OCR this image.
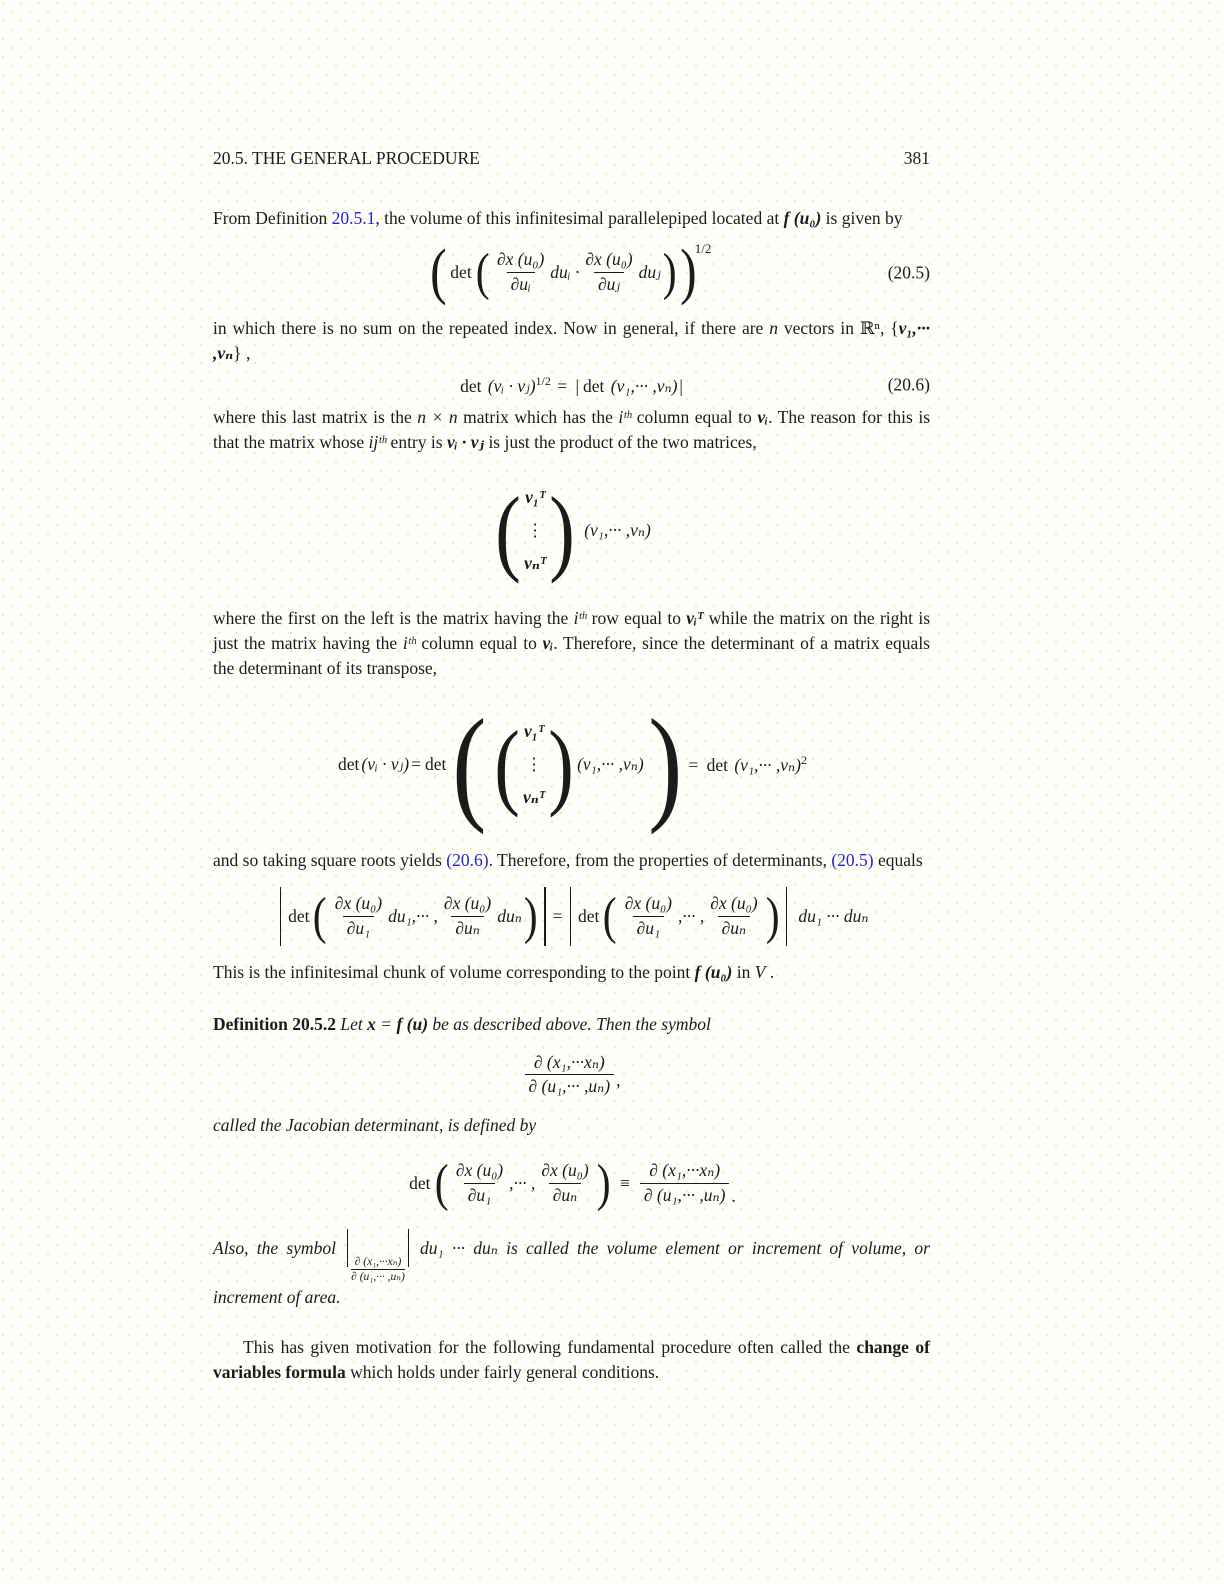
20.5. THE GENERAL PROCEDURE	381

From Definition 20.5.1, the volume of this infinitesimal parallelepiped located at f (u₀) is given by

( det ( $\frac{\text{∂x (u₀)}}{\text{∂uᵢ}}$ duᵢ · $\frac{\text{∂x (u₀)}}{\text{∂uⱼ}}$ duⱼ ) )
1/2
(20.5)

in which there is no sum on the repeated index. Now in general, if there are n vectors in ℝⁿ, {v₁,··· ,vₙ} ,

det (vᵢ · vⱼ)$^{1/2}$ = | det (v₁,··· ,vₙ) |	(20.6)

where this last matrix is the n × n matrix which has the iᵗʰ column equal to vᵢ. The reason for this is that the matrix whose ijᵗʰ entry is vᵢ · vⱼ is just the product of the two matrices,

( v₁ᵀ
⋮
vₙᵀ ) (v₁,··· ,vₙ)

where the first on the left is the matrix having the iᵗʰ row equal to vᵢᵀ while the matrix on the right is just the matrix having the iᵗʰ column equal to vᵢ. Therefore, since the determinant of a matrix equals the determinant of its transpose,

det (vᵢ · vⱼ) = det ( ( v₁ᵀ
⋮
vₙᵀ ) (v₁,··· ,vₙ) ) = $\det (v_1,\cdot\cdot\cdot ,v_n)^2$

and so taking square roots yields (20.6). Therefore, from the properties of determinants, (20.5) equals

det ( $\frac{\text{∂x (u₀)}}{\text{∂u₁}} du_1,\cdot\cdot\cdot$ , $\frac{\text{∂x (u₀)}}{\text{∂uₙ}}$ duₙ ) = det ( $\frac{\text{∂x (u₀)}}{\text{∂u₁}}$ ,··· , $\frac{\text{∂x (u₀)}}{\text{∂uₙ}}$ ) du₁ ··· duₙ

This is the infinitesimal chunk of volume corresponding to the point f (u₀) in V .

Definition 20.5.2 Let x = f (u) be as described above. Then the symbol

$\frac{\text{∂ (x₁,···xₙ)}}{\text{∂ (u₁,··· ,uₙ)}}$ ,

called the Jacobian determinant, is defined by

det ( $\frac{\text{∂x (u₀)}}{\text{∂u₁}}$ ,··· , $\frac{\text{∂x (u₀)}}{\text{∂uₙ}}$ ) ≡ $\frac{\text{∂ (x₁,···xₙ)}}{\text{∂ (u₁,··· ,uₙ)}}$ .

Also, the symbol
$\frac{\text{∂ (x₁,···xₙ)}}{\text{∂ (u₁,··· ,uₙ)}}$
du₁ ··· duₙ is called the volume element or increment of volume, or increment of area.

This has given motivation for the following fundamental procedure often called the change of variables formula which holds under fairly general conditions.
